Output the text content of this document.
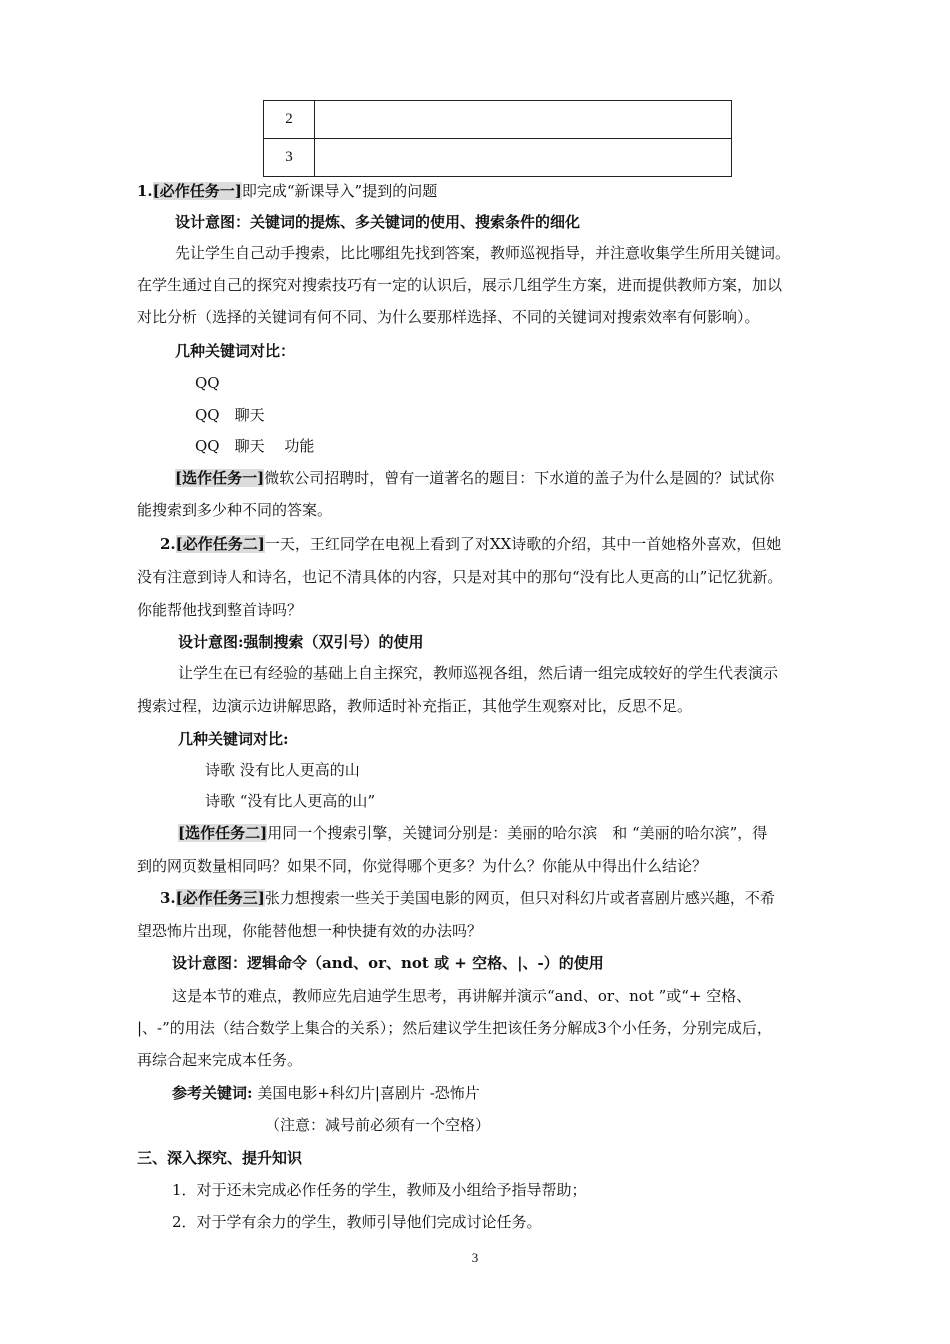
2	
3	
1.[必作任务一]即完成“新课导入”提到的问题
设计意图：关键词的提炼、多关键词的使用、搜索条件的细化
先让学生自己动手搜索，比比哪组先找到答案，教师巡视指导，并注意收集学生所用关键词。
在学生通过自己的探究对搜索技巧有一定的认识后，展示几组学生方案，进而提供教师方案，加以
对比分析（选择的关键词有何不同、为什么要那样选择、不同的关键词对搜索效率有何影响）。
几种关键词对比：
QQ
QQ　聊天
QQ　聊天　 功能
[选作任务一]微软公司招聘时，曾有一道著名的题目：下水道的盖子为什么是圆的？试试你
能搜索到多少种不同的答案。
2.[必作任务二]一天，王红同学在电视上看到了对XX诗歌的介绍，其中一首她格外喜欢，但她
没有注意到诗人和诗名，也记不清具体的内容，只是对其中的那句“没有比人更高的山”记忆犹新。
你能帮他找到整首诗吗？
设计意图:强制搜索（双引号）的使用
让学生在已有经验的基础上自主探究，教师巡视各组，然后请一组完成较好的学生代表演示
搜索过程，边演示边讲解思路，教师适时补充指正，其他学生观察对比，反思不足。
几种关键词对比:
诗歌 没有比人更高的山
诗歌 “没有比人更高的山”
[选作任务二]用同一个搜索引擎，关键词分别是：美丽的哈尔滨　和 “美丽的哈尔滨”，得
到的网页数量相同吗？如果不同，你觉得哪个更多？为什么？你能从中得出什么结论？
3.[必作任务三]张力想搜索一些关于美国电影的网页，但只对科幻片或者喜剧片感兴趣，不希
望恐怖片出现，你能替他想一种快捷有效的办法吗？
设计意图：逻辑命令（and、or、not 或 + 空格、|、-）的使用
这是本节的难点，教师应先启迪学生思考，再讲解并演示“and、or、not ”或“+ 空格、
|、-”的用法（结合数学上集合的关系）；然后建议学生把该任务分解成3个小任务，分别完成后，
再综合起来完成本任务。
参考关键词: 美国电影+科幻片|喜剧片 -恐怖片
（注意：减号前必须有一个空格）
三、深入探究、提升知识
1．对于还未完成必作任务的学生，教师及小组给予指导帮助；
2．对于学有余力的学生，教师引导他们完成讨论任务。
3
